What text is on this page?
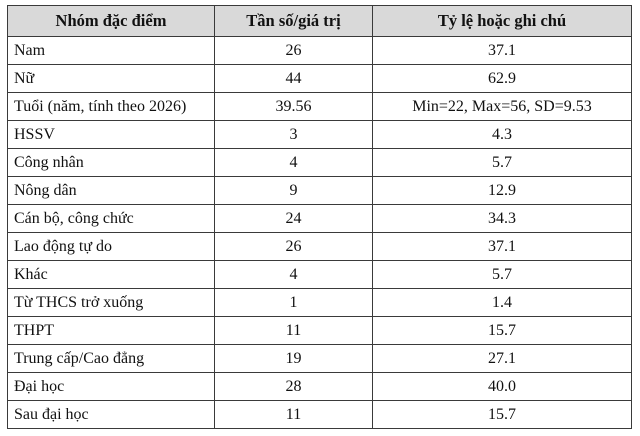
Nhóm đặc điểm	Tần số/giá trị	Tỷ lệ hoặc ghi chú
Nam	26	37.1
Nữ	44	62.9
Tuổi (năm, tính theo 2026)	39.56	Min=22, Max=56, SD=9.53
HSSV	3	4.3
Công nhân	4	5.7
Nông dân	9	12.9
Cán bộ, công chức	24	34.3
Lao động tự do	26	37.1
Khác	4	5.7
Từ THCS trở xuống	1	1.4
THPT	11	15.7
Trung cấp/Cao đẳng	19	27.1
Đại học	28	40.0
Sau đại học	11	15.7
